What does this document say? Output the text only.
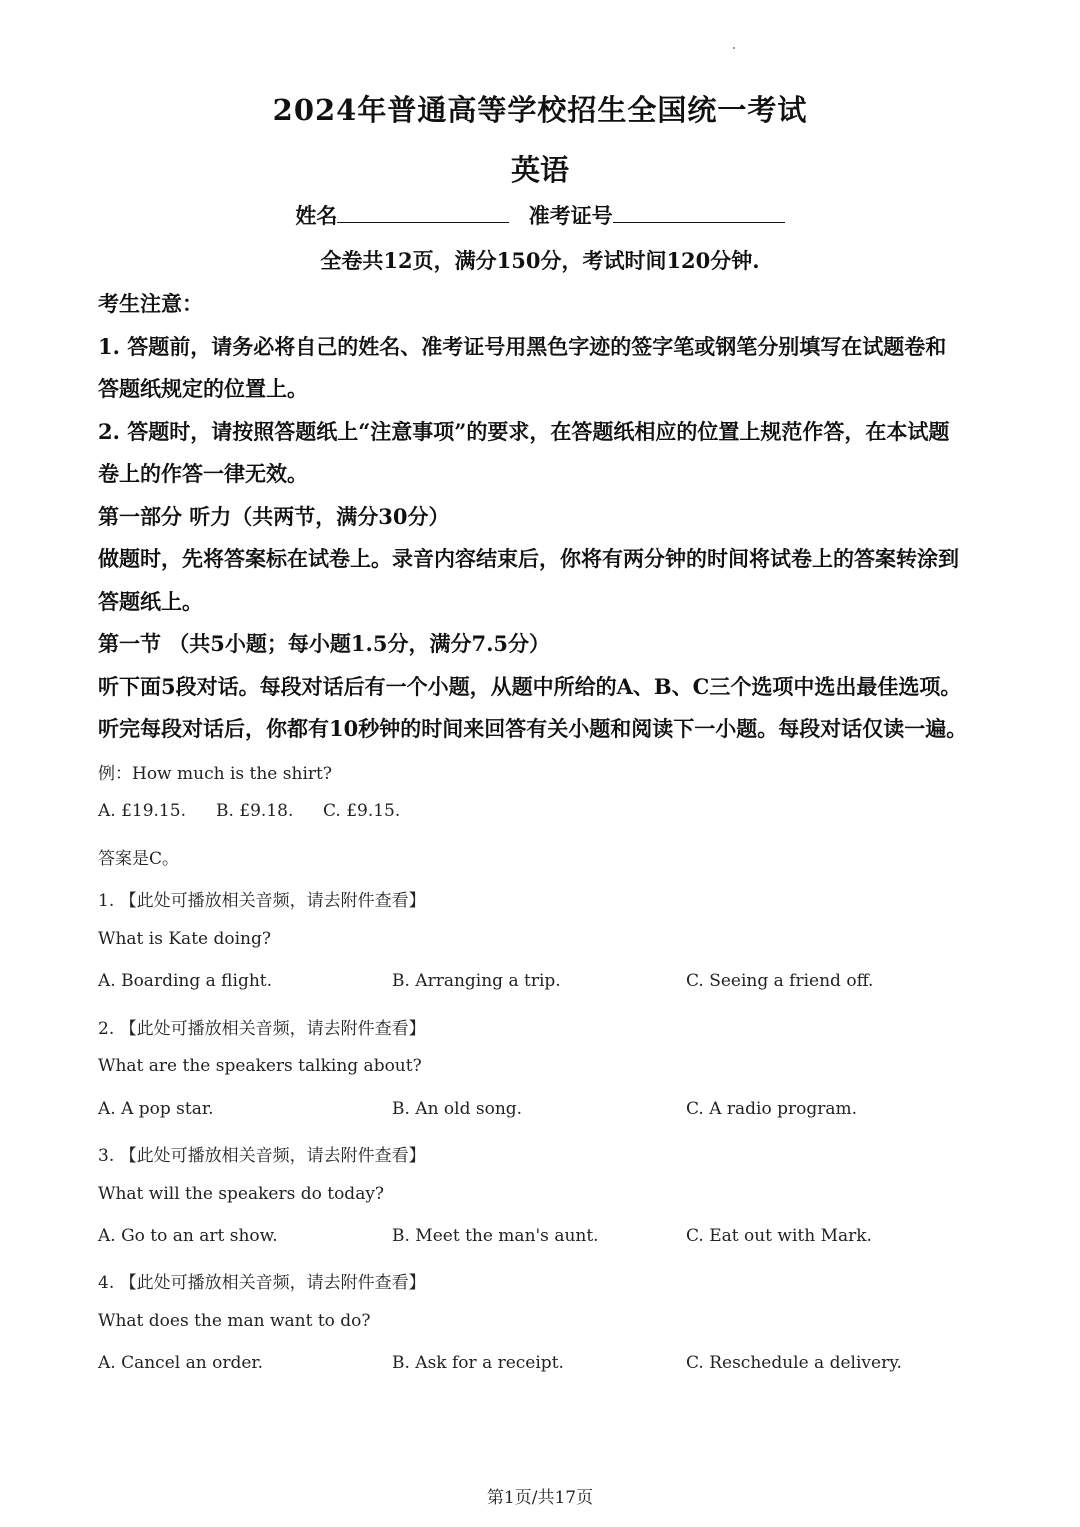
2024年普通高等学校招生全国统一考试
英语
姓名	准考证号
全卷共12页，满分150分，考试时间120分钟.
考生注意：
1. 答题前，请务必将自己的姓名、准考证号用黑色字迹的签字笔或钢笔分别填写在试题卷和
答题纸规定的位置上。
2. 答题时，请按照答题纸上“注意事项”的要求，在答题纸相应的位置上规范作答，在本试题
卷上的作答一律无效。
第一部分 听力（共两节，满分30分）
做题时，先将答案标在试卷上。录音内容结束后，你将有两分钟的时间将试卷上的答案转涂到
答题纸上。
第一节 （共5小题；每小题1.5分，满分7.5分）
听下面5段对话。每段对话后有一个小题，从题中所给的A、B、C三个选项中选出最佳选项。
听完每段对话后，你都有10秒钟的时间来回答有关小题和阅读下一小题。每段对话仅读一遍。
例：How much is the shirt?
A. £19.15. B. £9.18. C. £9.15.
答案是C。
1. 【此处可播放相关音频，请去附件查看】
What is Kate doing?
A. Boarding a flight.	B. Arranging a trip.	C. Seeing a friend off.
2. 【此处可播放相关音频，请去附件查看】
What are the speakers talking about?
A. A pop star.	B. An old song.	C. A radio program.
3. 【此处可播放相关音频，请去附件查看】
What will the speakers do today?
A. Go to an art show.	B. Meet the man's aunt.	C. Eat out with Mark.
4. 【此处可播放相关音频，请去附件查看】
What does the man want to do?
A. Cancel an order.	B. Ask for a receipt.	C. Reschedule a delivery.
第1页/共17页
